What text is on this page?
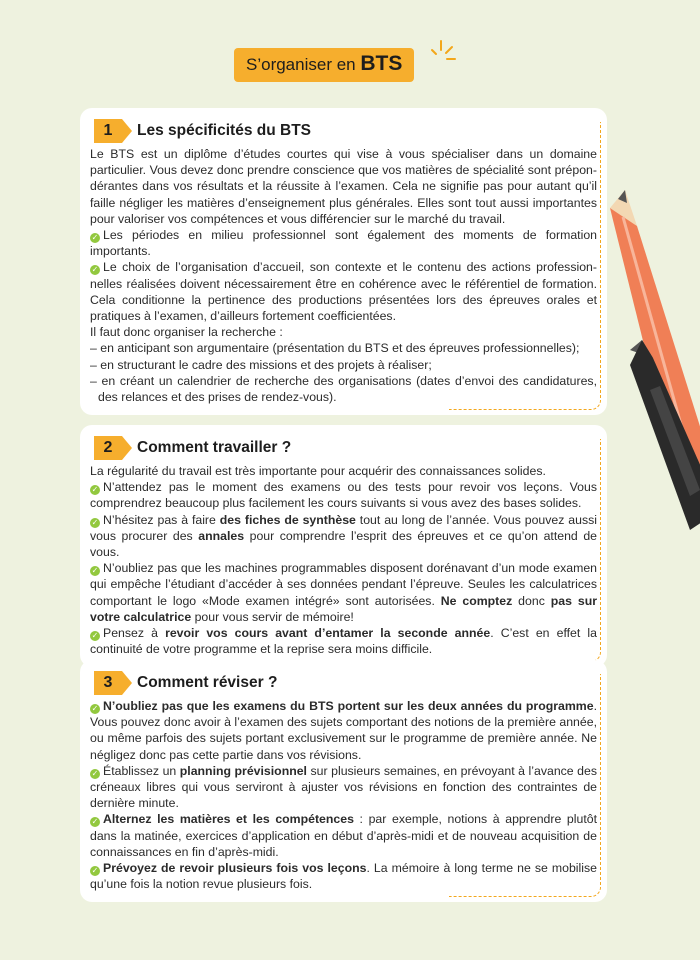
S’organiser en BTS
1	Les spécificités du BTS

Le BTS est un diplôme d’études courtes qui vise à vous spécialiser dans un domaine particulier. Vous devez donc prendre conscience que vos matières de spécialité sont prépondérantes dans vos résultats et la réussite à l’examen. Cela ne signifie pas pour autant qu’il faille négliger les matières d’enseignement plus générales. Elles sont tout aussi importantes pour valoriser vos compétences et vous différencier sur le marché du travail.

✓ Les périodes en milieu professionnel sont également des moments de formation importants.

✓ Le choix de l’organisation d’accueil, son contexte et le contenu des actions professionnelles réalisées doivent nécessairement être en cohérence avec le référentiel de formation. Cela conditionne la pertinence des productions présentées lors des épreuves orales et pratiques à l’examen, d’ailleurs fortement coefficientées.

Il faut donc organiser la recherche :

– en anticipant son argumentaire (présentation du BTS et des épreuves professionnelles);

– en structurant le cadre des missions et des projets à réaliser;

– en créant un calendrier de recherche des organisations (dates d’envoi des candidatures, des relances et des prises de rendez-vous).

2	Comment travailler ?

La régularité du travail est très importante pour acquérir des connaissances solides.

✓ N’attendez pas le moment des examens ou des tests pour revoir vos leçons. Vous comprendrez beaucoup plus facilement les cours suivants si vous avez des bases solides.

✓ N’hésitez pas à faire des fiches de synthèse tout au long de l’année. Vous pouvez aussi vous procurer des annales pour comprendre l’esprit des épreuves et ce qu’on attend de vous.

✓ N’oubliez pas que les machines programmables disposent dorénavant d’un mode examen qui empêche l’étudiant d’accéder à ses données pendant l’épreuve. Seules les calculatrices comportant le logo «Mode examen intégré» sont autorisées. Ne comptez donc pas sur votre calculatrice pour vous servir de mémoire!

✓ Pensez à revoir vos cours avant d’entamer la seconde année. C’est en effet la continuité de votre programme et la reprise sera moins difficile.

3	Comment réviser ?

✓ N’oubliez pas que les examens du BTS portent sur les deux années du programme. Vous pouvez donc avoir à l’examen des sujets comportant des notions de la première année, ou même parfois des sujets portant exclusivement sur le programme de première année. Ne négligez donc pas cette partie dans vos révisions.

✓ Établissez un planning prévisionnel sur plusieurs semaines, en prévoyant à l’avance des créneaux libres qui vous serviront à ajuster vos révisions en fonction des contraintes de dernière minute.

✓ Alternez les matières et les compétences : par exemple, notions à apprendre plutôt dans la matinée, exercices d’application en début d’après-midi et de nouveau acquisition de connaissances en fin d’après-midi.

✓ Prévoyez de revoir plusieurs fois vos leçons. La mémoire à long terme ne se mobilise qu’une fois la notion revue plusieurs fois.
